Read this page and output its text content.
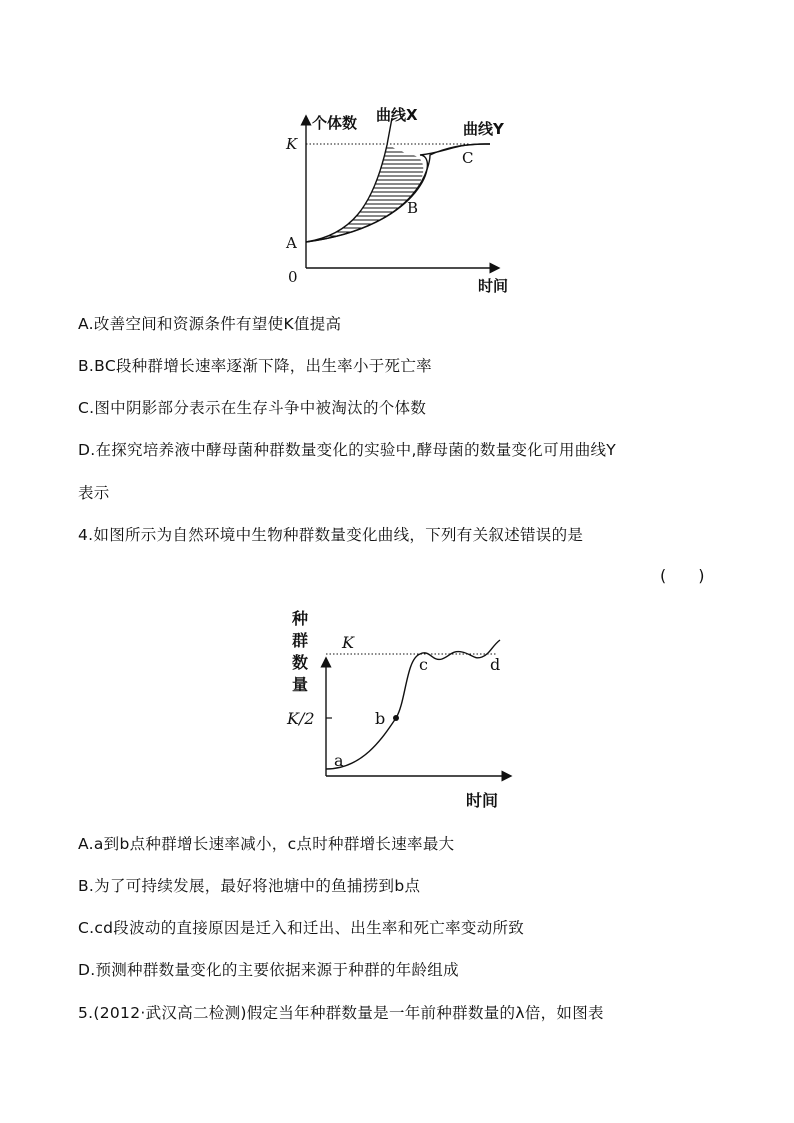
个体数 曲线X
曲线Y
K
A
B
C
0	时间
A.改善空间和资源条件有望使K值提高
B.BC段种群增长速率逐渐下降，出生率小于死亡率
C.图中阴影部分表示在生存斗争中被淘汰的个体数
D.在探究培养液中酵母菌种群数量变化的实验中,酵母菌的数量变化可用曲线Y
表示
4.如图所示为自然环境中生物种群数量变化曲线，下列有关叙述错误的是
(　　)
种
群
数
量
K
K/2
a
b
c	d
时间
A.a到b点种群增长速率减小，c点时种群增长速率最大
B.为了可持续发展，最好将池塘中的鱼捕捞到b点
C.cd段波动的直接原因是迁入和迁出、出生率和死亡率变动所致
D.预测种群数量变化的主要依据来源于种群的年龄组成
5.(2012·武汉高二检测)假定当年种群数量是一年前种群数量的λ倍，如图表
